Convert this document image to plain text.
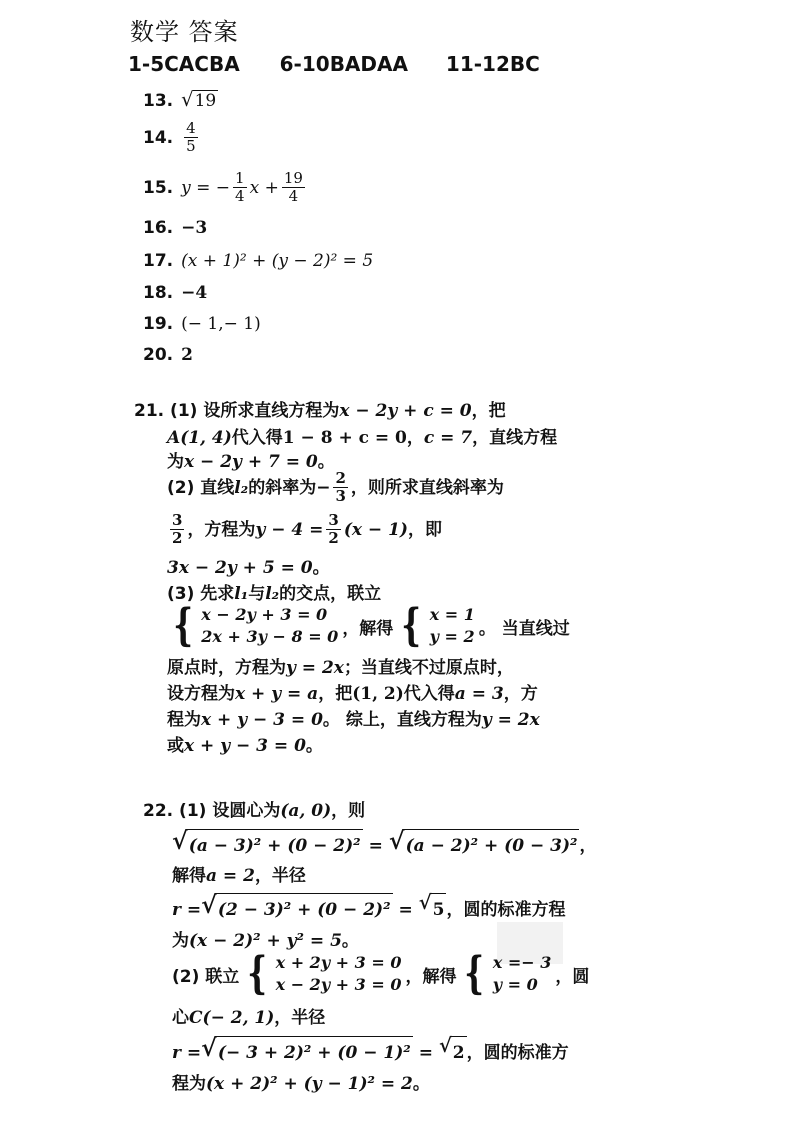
数学 答案
1-5CACBA 6-10BADAA 11-12BC
13. √ 19
14. $\frac{4}{5}$
15. y = − $\frac{1}{4}$ $x + \frac{19}{4}$
16. −3
17. (x + 1)² + (y − 2)² = 5
18. −4
19. (− 1,− 1)
20. 2
21. (1) 设所求直线方程为x − 2y + c = 0，把
A(1, 4)代入得1 − 8 + c = 0，c = 7，直线方程
为x − 2y + 7 = 0。
(2) 直线 l₂ 的斜率为− $\frac{2}{3}$ ，则所求直线斜率为
$\frac{3}{2}$ ，方程为 $y - 4 = \frac{3}{2} (x - 1)$ ，即
3x − 2y + 5 = 0。
(3) 先求l₁与l₂的交点，联立
{ x − 2y + 3 = 0
2x + 3y − 8 = 0 ，解得 { x = 1
y = 2 。 当直线过
原点时，方程为y = 2x；当直线不过原点时，
设方程为x + y = a，把(1, 2)代入得a = 3，方
程为x + y − 3 = 0。 综上，直线方程为y = 2x
或x + y − 3 = 0。
22. (1) 设圆心为(a, 0)，则
√ (a − 3)² + (0 − 2)² = √ (a − 2)² + (0 − 3)² ，
解得a = 2，半径
r = √ (2 − 3)² + (0 − 2)² = √ 5 ，圆的标准方程
为(x − 2)² + y² = 5。
(2) 联立 { x + 2y + 3 = 0
x − 2y + 3 = 0 ，解得 { x =− 3
y = 0	，圆
心C(− 2, 1)，半径
r = √ (− 3 + 2)² + (0 − 1)² = √ 2 ，圆的标准方
程为(x + 2)² + (y − 1)² = 2。
